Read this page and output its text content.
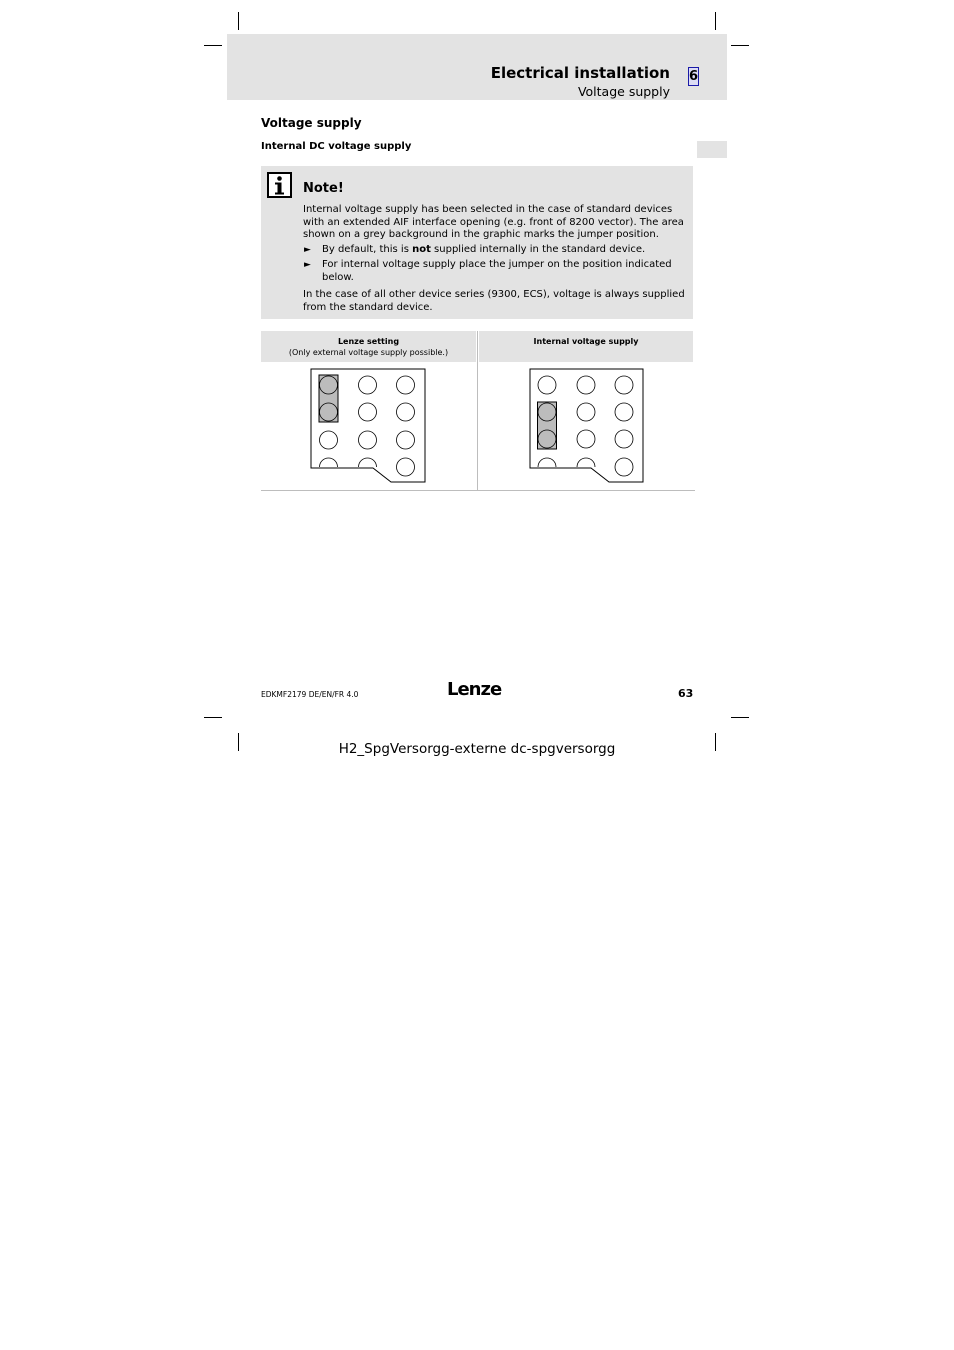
Electrical installation
Voltage supply
6
Voltage supply
Internal DC voltage supply
Note!
Internal voltage supply has been selected in the case of standard devices with an extended AIF interface opening (e.g. front of 8200 vector). The area shown on a grey background in the graphic marks the jumper position.
► By default, this is not supplied internally in the standard device.
► For internal voltage supply place the jumper on the position indicated below.
In the case of all other device series (9300, ECS), voltage is always supplied from the standard device.
Lenze setting
(Only external voltage supply possible.)
Internal voltage supply
EDKMF2179 DE/EN/FR 4.0	Lenze	63
H2_SpgVersorgg-externe dc-spgversorgg
